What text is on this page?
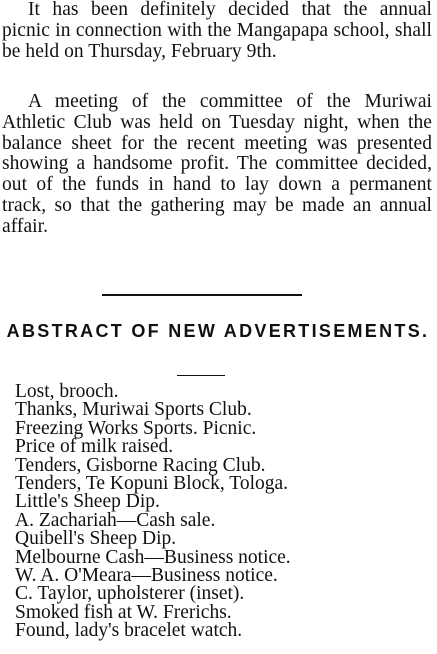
It has been definitely decided that the annual picnic in connection with the Mangapapa school, shall be held on Thursday, February 9th.

A meeting of the committee of the Muriwai Athletic Club was held on Tuesday night, when the balance sheet for the recent meeting was presented showing a handsome profit. The committee decided, out of the funds in hand to lay down a permanent track, so that the gathering may be made an annual affair.

ABSTRACT OF NEW ADVERTISEMENTS.
Lost, brooch.
Thanks, Muriwai Sports Club.
Freezing Works Sports. Picnic.
Price of milk raised.
Tenders, Gisborne Racing Club.
Tenders, Te Kopuni Block, Tologa.
Little's Sheep Dip.
A. Zachariah—Cash sale.
Quibell's Sheep Dip.
Melbourne Cash—Business notice.
W. A. O'Meara—Business notice.
C. Taylor, upholsterer (inset).
Smoked fish at W. Frerichs.
Found, lady's bracelet watch.
